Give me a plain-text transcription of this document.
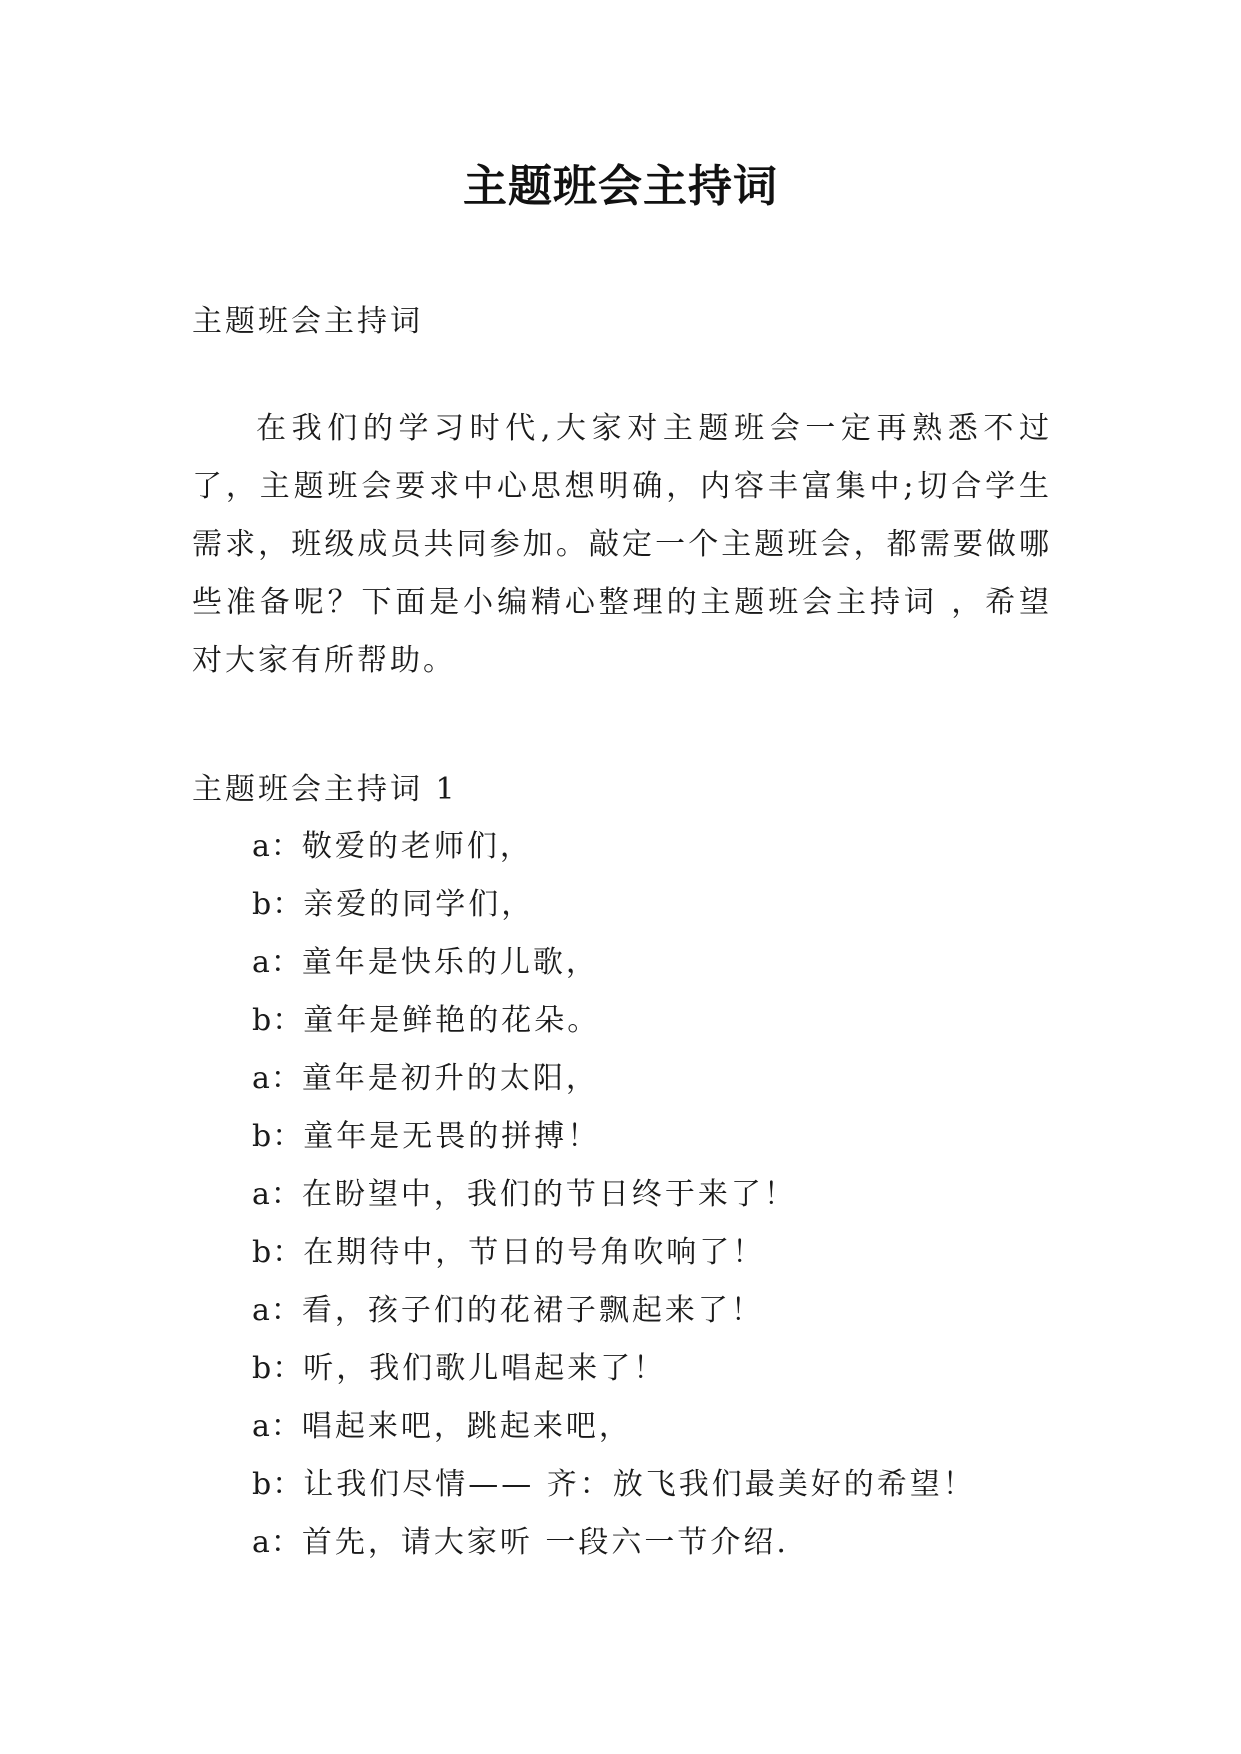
主题班会主持词

主题班会主持词

在我们的学习时代,大家对主题班会一定再熟悉不过了，主题班会要求中心思想明确，内容丰富集中;切合学生需求，班级成员共同参加。敲定一个主题班会，都需要做哪些准备呢？下面是小编精心整理的主题班会主持词 ，希望对大家有所帮助。

主题班会主持词 1

a：敬爱的老师们，
b：亲爱的同学们，
a：童年是快乐的儿歌，
b：童年是鲜艳的花朵。
a：童年是初升的太阳，
b：童年是无畏的拼搏！
a：在盼望中，我们的节日终于来了！
b：在期待中，节日的号角吹响了！
a：看，孩子们的花裙子飘起来了！
b：听，我们歌儿唱起来了！
a：唱起来吧，跳起来吧，
b：让我们尽情—— 齐：放飞我们最美好的希望！
a：首先，请大家听 一段六一节介绍.
